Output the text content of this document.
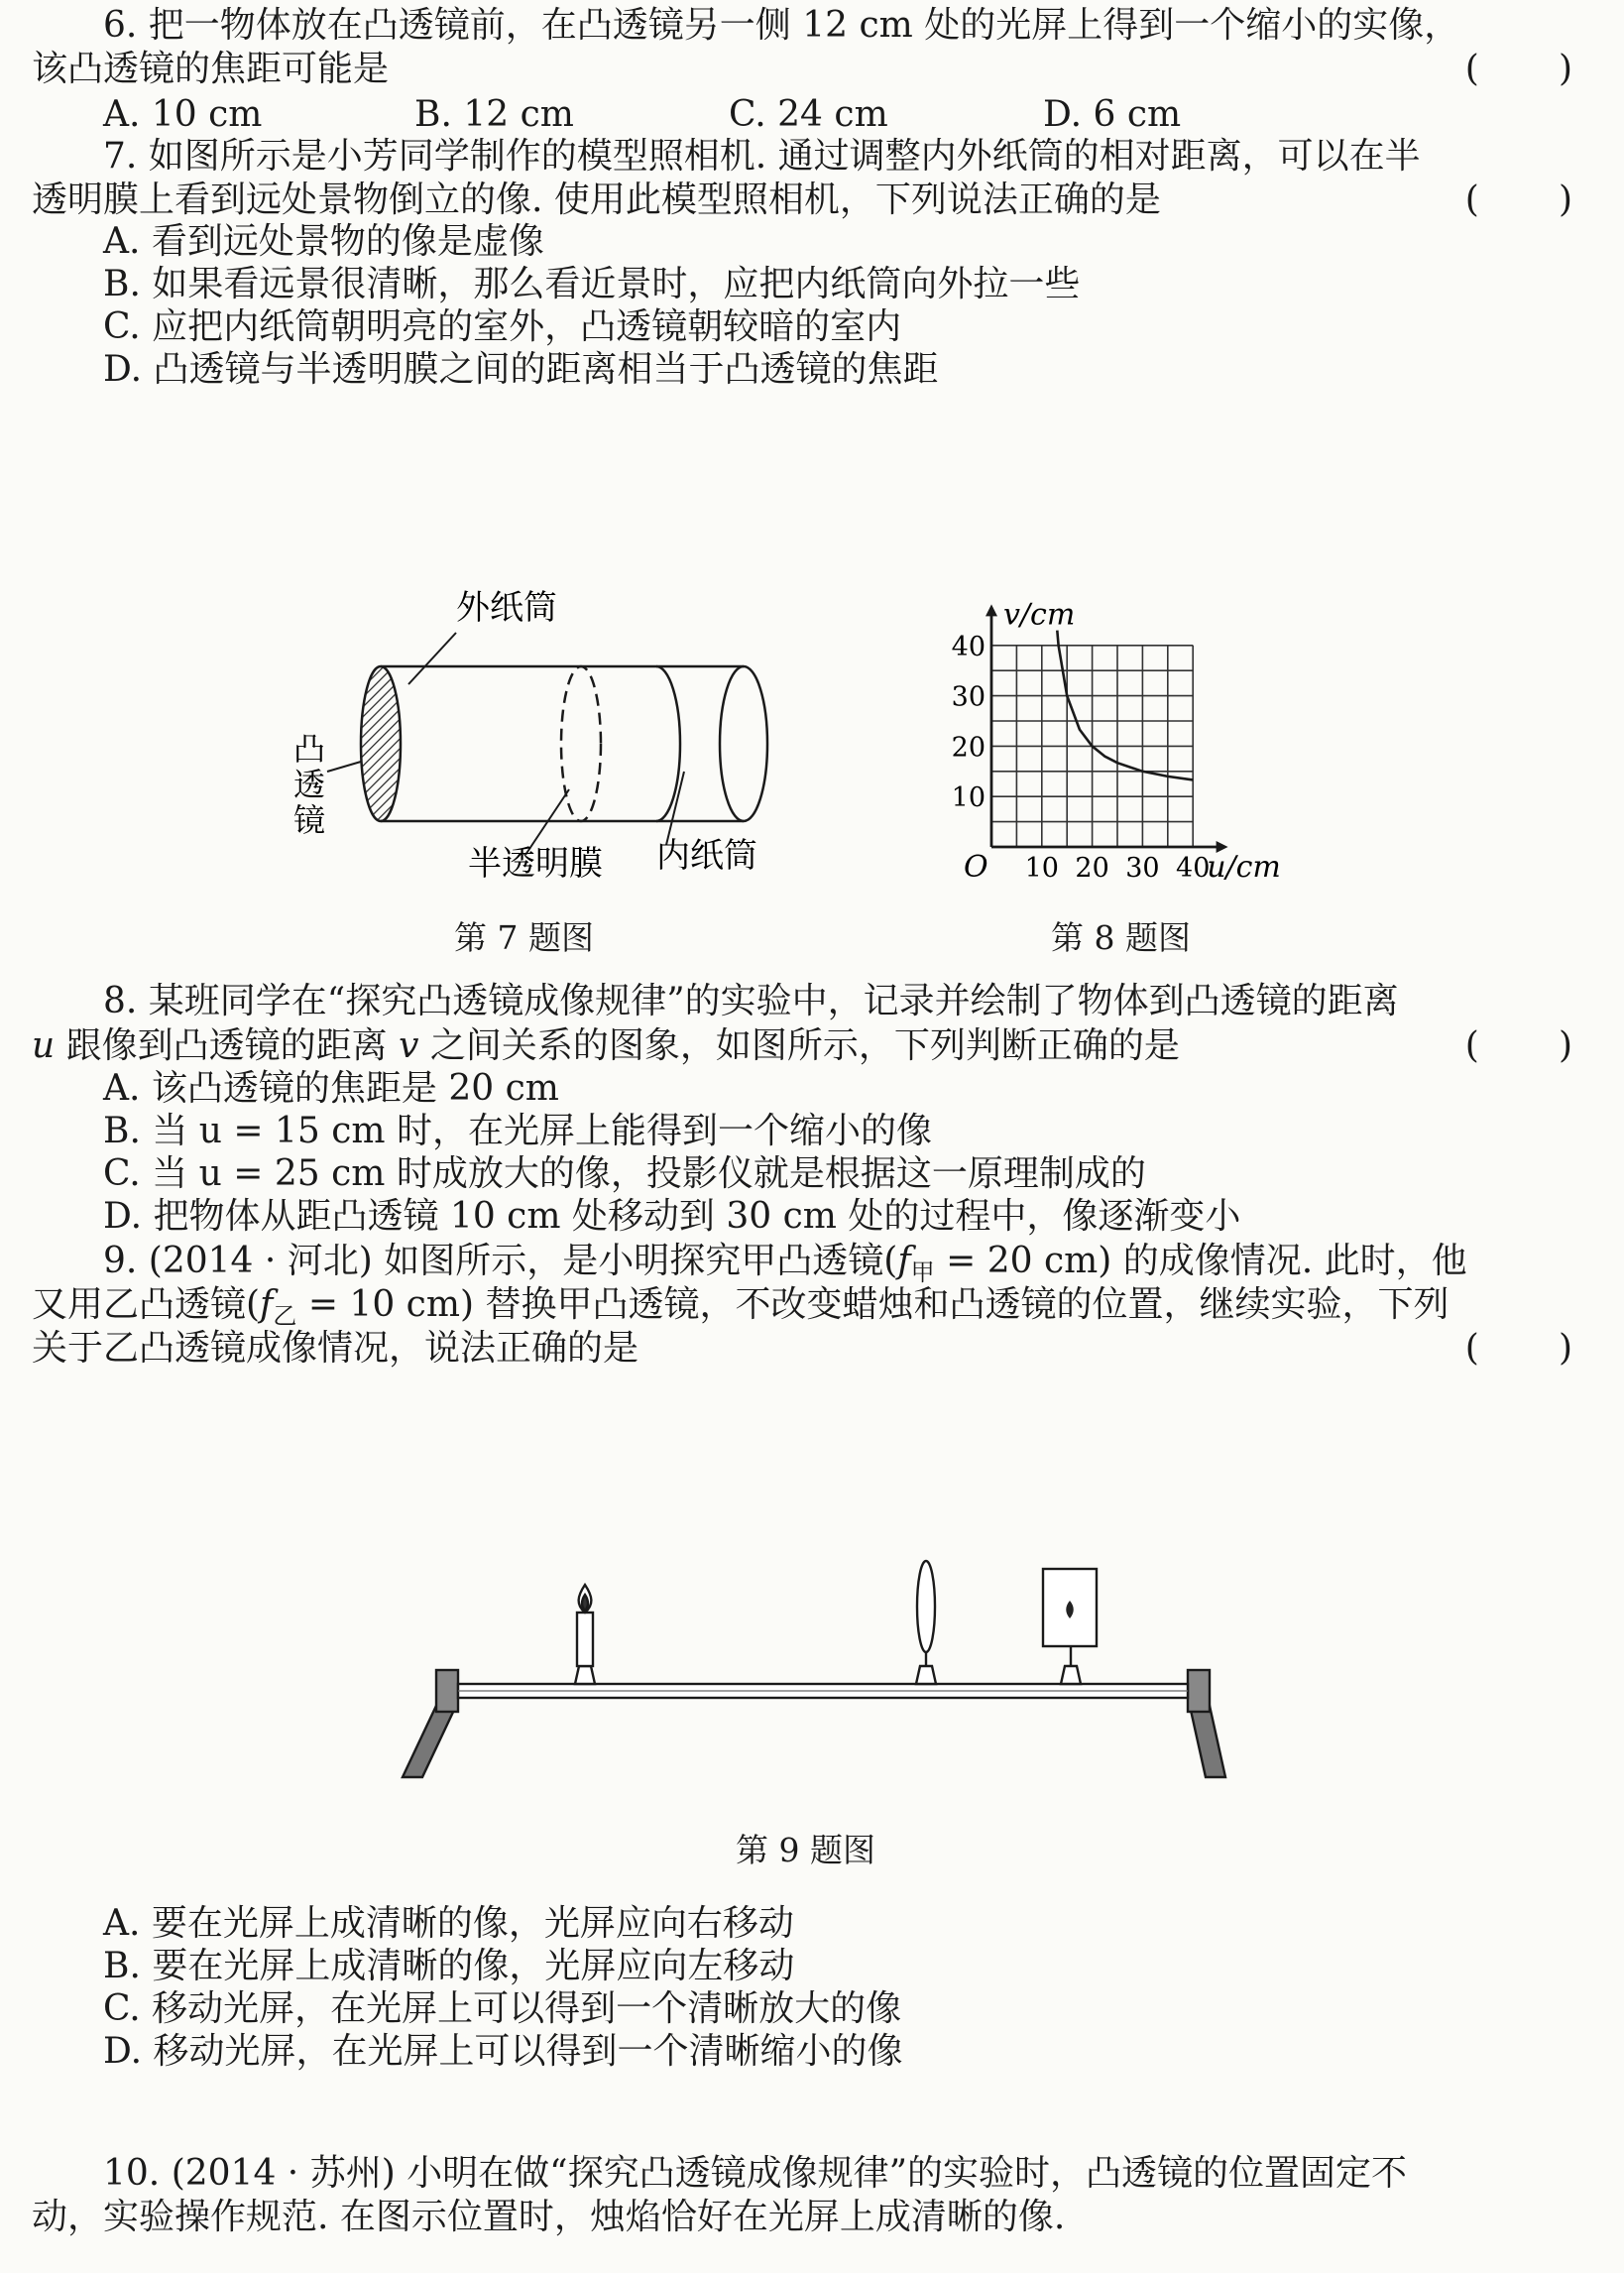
6. 把一物体放在凸透镜前，在凸透镜另一侧 12 cm 处的光屏上得到一个缩小的实像，
该凸透镜的焦距可能是	(       )
A. 10 cm	B. 12 cm	C. 24 cm	D. 6 cm
7. 如图所示是小芳同学制作的模型照相机. 通过调整内外纸筒的相对距离，可以在半
透明膜上看到远处景物倒立的像. 使用此模型照相机，下列说法正确的是	(       )
A. 看到远处景物的像是虚像
B. 如果看远景很清晰，那么看近景时，应把内纸筒向外拉一些
C. 应把内纸筒朝明亮的室外，凸透镜朝较暗的室内
D. 凸透镜与半透明膜之间的距离相当于凸透镜的焦距
外纸筒
凸
透
镜
半透明膜 内纸筒
第 7 题图
10 20 30 40
10
20
30
40
v/cm
u/cm
O
第 8 题图
8. 某班同学在“探究凸透镜成像规律”的实验中，记录并绘制了物体到凸透镜的距离
u 跟像到凸透镜的距离 v 之间关系的图象，如图所示，下列判断正确的是	(       )
A. 该凸透镜的焦距是 20 cm
B. 当 u = 15 cm 时，在光屏上能得到一个缩小的像
C. 当 u = 25 cm 时成放大的像，投影仪就是根据这一原理制成的
D. 把物体从距凸透镜 10 cm 处移动到 30 cm 处的过程中，像逐渐变小
9. (2014 · 河北) 如图所示，是小明探究甲凸透镜($f_甲 = 20$ cm) 的成像情况. 此时，他
又用乙凸透镜($f_乙 = 10$ cm) 替换甲凸透镜，不改变蜡烛和凸透镜的位置，继续实验，下列
关于乙凸透镜成像情况，说法正确的是	(       )
第 9 题图
A. 要在光屏上成清晰的像，光屏应向右移动
B. 要在光屏上成清晰的像，光屏应向左移动
C. 移动光屏，在光屏上可以得到一个清晰放大的像
D. 移动光屏，在光屏上可以得到一个清晰缩小的像
10. (2014 · 苏州) 小明在做“探究凸透镜成像规律”的实验时，凸透镜的位置固定不
动，实验操作规范. 在图示位置时，烛焰恰好在光屏上成清晰的像.
